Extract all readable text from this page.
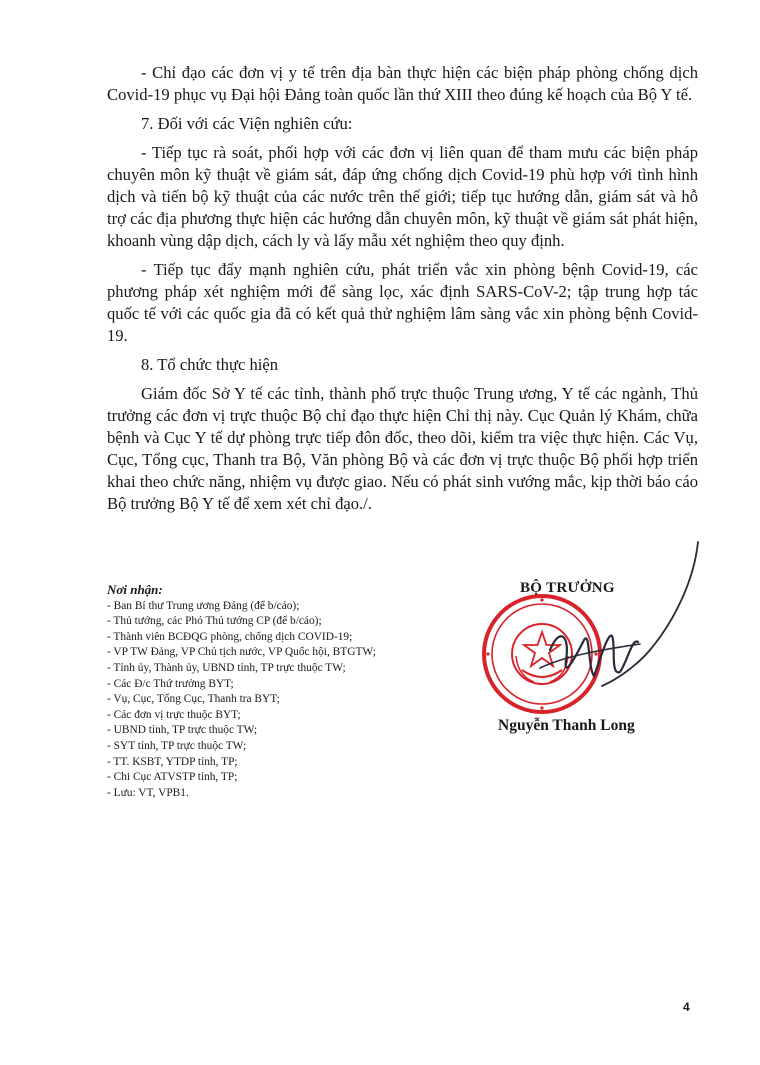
- Chỉ đạo các đơn vị y tế trên địa bàn thực hiện các biện pháp phòng chống dịch Covid-19 phục vụ Đại hội Đảng toàn quốc lần thứ XIII theo đúng kế hoạch của Bộ Y tế.

7. Đối với các Viện nghiên cứu:

- Tiếp tục rà soát, phối hợp với các đơn vị liên quan để tham mưu các biện pháp chuyên môn kỹ thuật về giám sát, đáp ứng chống dịch Covid-19 phù hợp với tình hình dịch và tiến bộ kỹ thuật của các nước trên thế giới; tiếp tục hướng dẫn, giám sát và hỗ trợ các địa phương thực hiện các hướng dẫn chuyên môn, kỹ thuật về giám sát phát hiện, khoanh vùng dập dịch, cách ly và lấy mẫu xét nghiệm theo quy định.

- Tiếp tục đẩy mạnh nghiên cứu, phát triển vắc xin phòng bệnh Covid-19, các phương pháp xét nghiệm mới để sàng lọc, xác định SARS-CoV-2; tập trung hợp tác quốc tế với các quốc gia đã có kết quả thử nghiệm lâm sàng vắc xin phòng bệnh Covid-19.

8. Tổ chức thực hiện

Giám đốc Sở Y tế các tỉnh, thành phố trực thuộc Trung ương, Y tế các ngành, Thủ trưởng các đơn vị trực thuộc Bộ chỉ đạo thực hiện Chỉ thị này. Cục Quản lý Khám, chữa bệnh và Cục Y tế dự phòng trực tiếp đôn đốc, theo dõi, kiểm tra việc thực hiện. Các Vụ, Cục, Tổng cục, Thanh tra Bộ, Văn phòng Bộ và các đơn vị trực thuộc Bộ phối hợp triển khai theo chức năng, nhiệm vụ được giao. Nếu có phát sinh vướng mắc, kịp thời báo cáo Bộ trưởng Bộ Y tế để xem xét chỉ đạo./.

Nơi nhận:
- Ban Bí thư Trung ương Đảng (để b/cáo);
- Thủ tướng, các Phó Thủ tướng CP (để b/cáo);
- Thành viên BCĐQG phòng, chống dịch COVID-19;
- VP TW Đảng, VP Chủ tịch nước, VP Quốc hội, BTGTW;
- Tỉnh ủy, Thành ủy, UBND tỉnh, TP trực thuộc TW;
- Các Đ/c Thứ trưởng BYT;
- Vụ, Cục, Tổng Cục, Thanh tra BYT;
- Các đơn vị trực thuộc BYT;
- UBND tỉnh, TP trực thuộc TW;
- SYT tỉnh, TP trực thuộc TW;
- TT. KSBT, YTDP tỉnh, TP;
- Chi Cục ATVSTP tỉnh, TP;
- Lưu: VT, VPB1.
BỘ TRƯỞNG
Nguyễn Thanh Long
4
